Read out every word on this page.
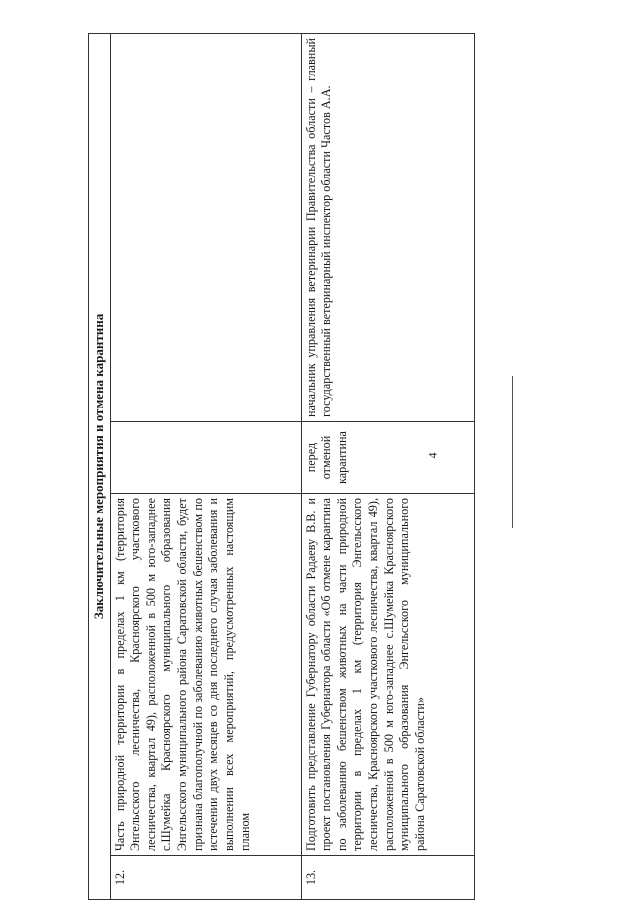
4
Заключительные мероприятия и отмена карантина			
12.	Часть природной территории в пределах 1 км (территория Энгельсского лесничества, Красноярского участкового лесничества, квартал 49), расположенной в 500 м юго-западнее с.Шумейка Красноярского муниципального образования Энгельсского муниципального района Саратовской области, будет признана благополучной по заболеванию животных бешенством по истечении двух месяцев со дня последнего случая заболевания и выполнении всех мероприятий, предусмотренных настоящим планом		
13.	Подготовить представление Губернатору области Радаеву В.В. и проект постановления Губернатора области «Об отмене карантина по заболеванию бешенством животных на части природной территории в пределах 1 км (территория Энгельсского лесничества, Красноярского участкового лесничества, квартал 49), расположенной в 500 м юго-западнее с.Шумейка Красноярского муниципального образования Энгельсского муниципального района Саратовской области»	перед отменой карантина	начальник управления ветеринарии Правительства области – главный государственный ветеринарный инспектор области Частов А.А.
